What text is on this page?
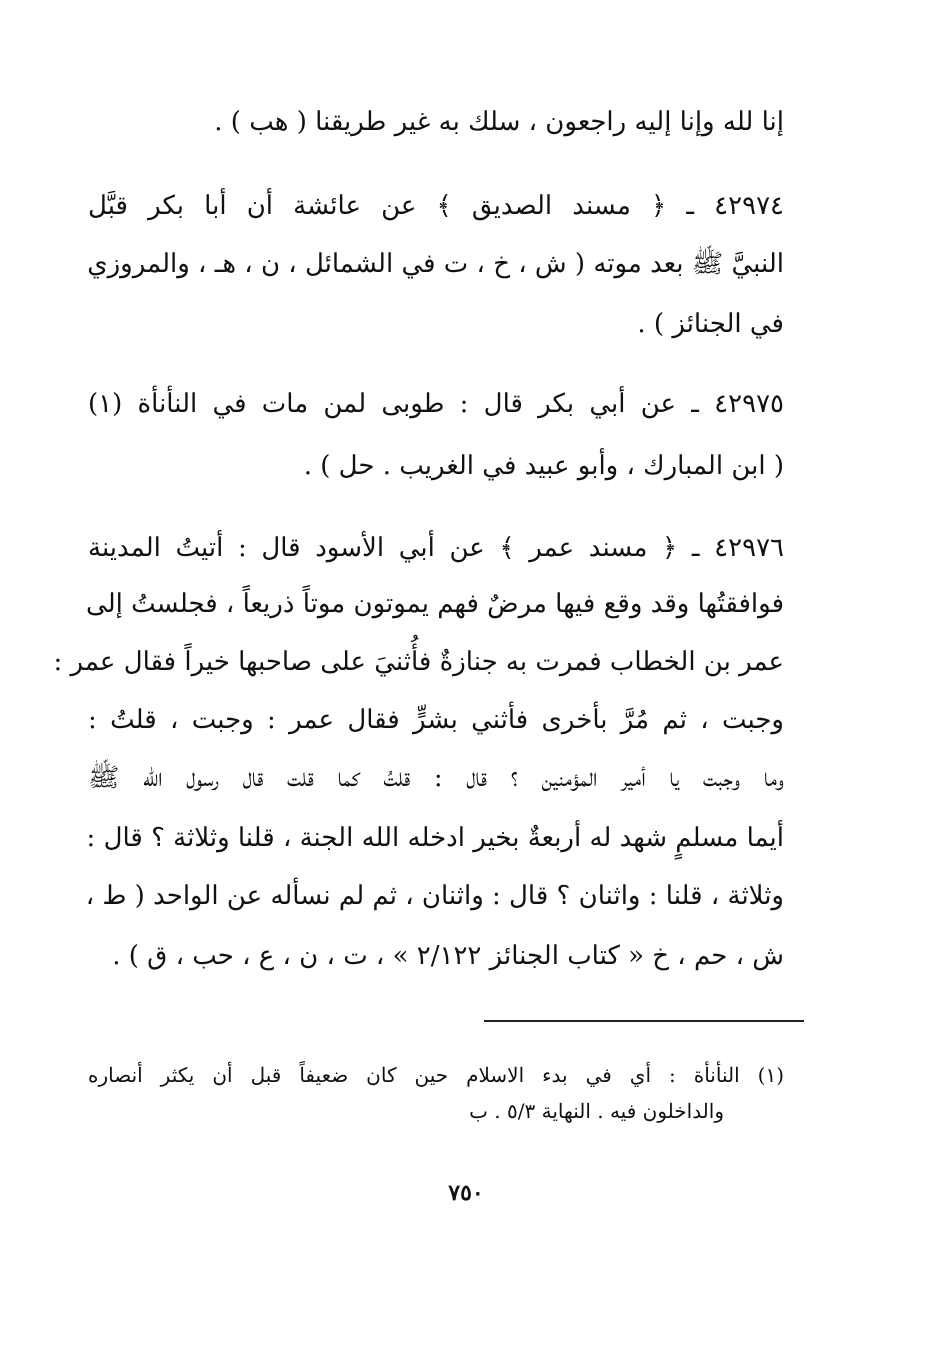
إنا لله وإنا إليه راجعون ، سلك به غير طريقنا ( هب ) .
٤٢٩٧٤ ـ ﴿ مسند الصديق ﴾ عن عائشة أن أبا بكر قبَّل
النبيَّ ﷺ بعد موته ( ش ، خ ، ت في الشمائل ، ن ، هـ ، والمروزي
في الجنائز ) .
٤٢٩٧٥ ـ عن أبي بكر قال : طوبى لمن مات في النأنأة (١)
( ابن المبارك ، وأبو عبيد في الغريب . حل ) .
٤٢٩٧٦ ـ ﴿ مسند عمر ﴾ عن أبي الأسود قال : أتيتُ المدينة
فوافقتُها وقد وقع فيها مرضٌ فهم يموتون موتاً ذريعاً ، فجلستُ إلى
عمر بن الخطاب فمرت به جنازةٌ فأُثنيَ على صاحبها خيراً فقال عمر :
وجبت ، ثم مُرَّ بأخرى فأثني بشرٍّ فقال عمر : وجبت ، قلتُ :
وما وجبت يا أمير المؤمنين ؟ قال : قلتُ كما قلت قال رسول الله ﷺ
أيما مسلمٍ شهد له أربعةٌ بخير ادخله الله الجنة ، قلنا وثلاثة ؟ قال :
وثلاثة ، قلنا : واثنان ؟ قال : واثنان ، ثم لم نسأله عن الواحد ( ط ،
ش ، حم ، خ « كتاب الجنائز ٢/١٢٢ » ، ت ، ن ، ع ، حب ، ق ) .
(١) النأنأة : أي في بدء الاسلام حين كان ضعيفاً قبل أن يكثر أنصاره
والداخلون فيه . النهاية ٥/٣ . ب
٧٥٠
